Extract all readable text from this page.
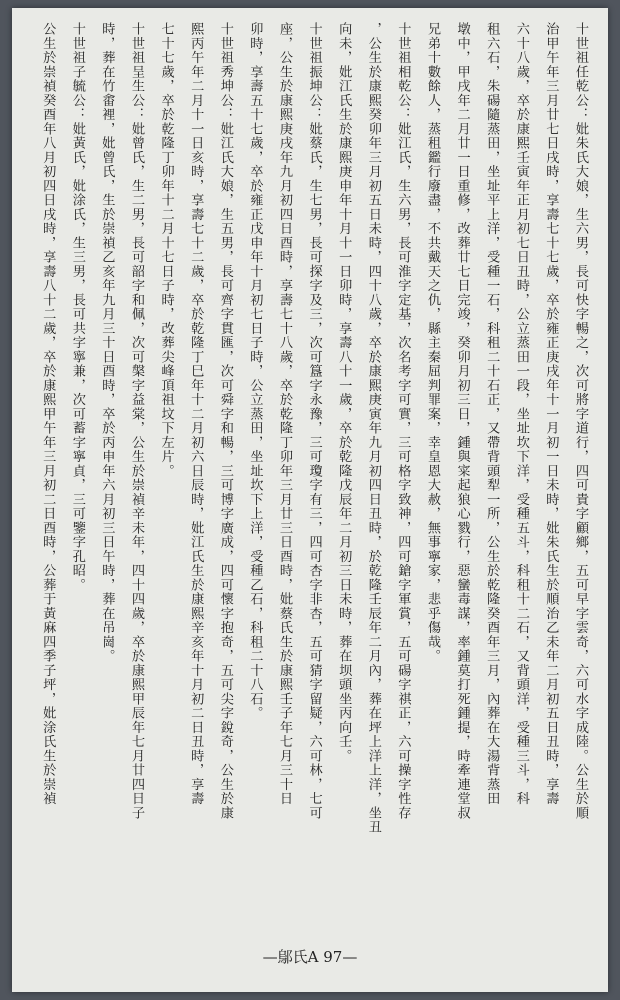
十世祖任乾公：妣朱氏大娘，生六男，長可快字暢之，次可將字道行，四可貴字顧鄉，五可早字雲奇，六可水字成陸。公生於順
治甲午年三月廿七日戌時，享壽七十七歲，卒於雍正庚戌年十一月初一日未時，妣朱氏生於順治乙未年二月初五日丑時，享壽
六十八歲，卒於康熙壬寅年正月初七日丑時，公立蒸田一段，坐址坎下洋，受種五斗，科租十二石，又背頭洋，受種三斗，科
租六石，朱碭隨蒸田，坐址平上洋，受種一石，科租二十石正，又帶背頭犁一所，公生於乾隆癸酉年三月，內葬在大湯背蒸田
墩中，甲戌年二月廿一日重修，改葬廿七日完竣，癸卯月初三日，鍾與寀起狼心戮行，惡蠻毒謀，率鍾莫打死鍾提，時牽連堂叔
兄弟十數餘人，蒸租鑑行廢盡，不共戴天之仇，縣主秦屈判罪案，幸皇恩大赦，無事寧家，悲乎傷哉。
十世祖相乾公：妣江氏，生六男，長可淮字定基，次名考字可實，三可格字致神，四可鎗字軍賞，五可碭字祺正，六可操字性存
，公生於康熙癸卯年三月初五日未時，四十八歲，卒於康熙庚寅年九月初四日丑時，於乾隆壬辰年二月內，葬在坪上洋上洋，坐丑
向未，妣江氏生於康熙庚申年十月十一日卯時，享壽八十一歲，卒於乾隆戊辰年二月初三日未時，葬在坝頭坐丙向壬。
十世祖振坤公：妣蔡氏，生七男，長可探字及三，次可簋字永豫，三可瓊字有三，四可杏字非杏，五可猜字留疑，六可林，七可
座，公生於康熙庚戌年九月初四日酉時，享壽七十八歲，卒於乾隆丁卯年三月廿三日酉時，妣蔡氏生於康熙壬子年七月三十日
卯時，享壽五十七歲，卒於雍正戊申年十月初七日子時，公立蒸田，坐址坎下上洋，受種乙石，科租二十八石。
十世祖秀坤公：妣江氏大娘，生五男，長可齊字貫匯，次可舜字和暢，三可博字廣成，四可懷字抱奇，五可尖字銳奇，公生於康
熙丙午年二月十一日亥時，享壽七十二歲，卒於乾隆丁巳年十二月初六日辰時，妣江氏生於康熙辛亥年十月初二日丑時，享壽
七十七歲，卒於乾隆丁卯年十二月十七日子時，改葬尖峰頂祖坟下左片。
十世祖呈生公：妣曾氏，生二男，長可韶字和佩，次可槃字益棠，公生於崇禎辛未年，四十四歲，卒於康熙甲辰年七月廿四日子
時，葬在竹畬裡，妣曾氏，生於崇禎乙亥年九月三十日酉時，卒於丙申年六月初三日午時，葬在吊崗。
十世祖子毓公：妣黃氏，妣涂氏，生三男，長可共字寧兼，次可蓄字寧貞，三可鑒字孔昭。
公生於崇禎癸酉年八月初四日戌時，享壽八十二歲，卒於康熙甲午年三月初二日酉時，公葬于黃麻四季子坪，妣涂氏生於崇禎
—鄔氏A 97—
